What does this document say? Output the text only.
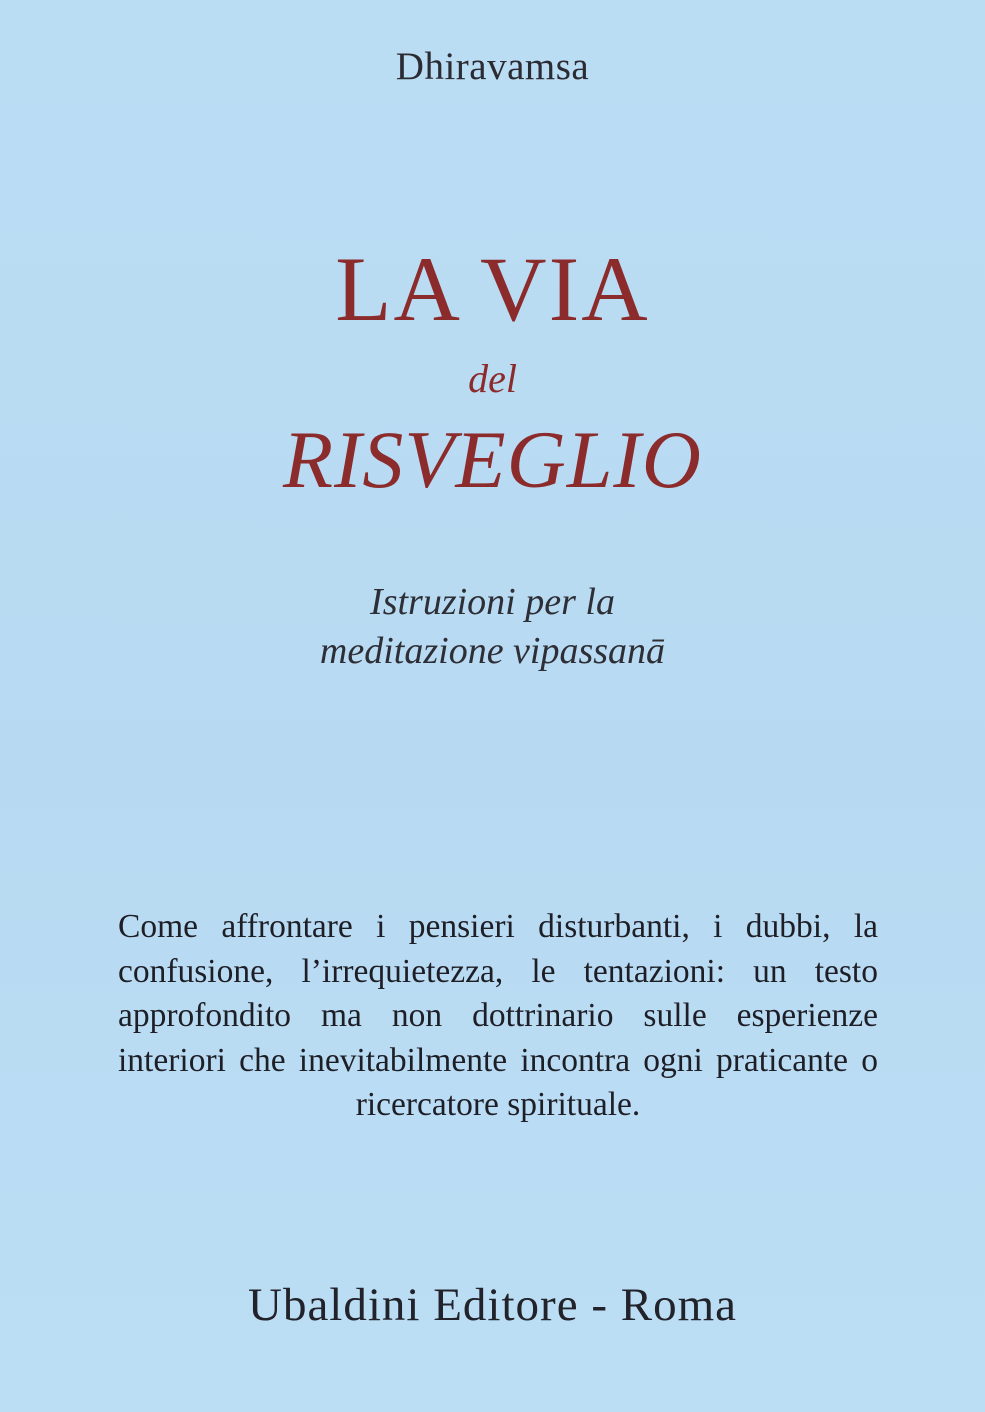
Dhiravamsa
LA VIA
del
RISVEGLIO
Istruzioni per la
meditazione vipassanā
Come affrontare i pensieri disturbanti, i dubbi, la confusione, l’irrequietezza, le tentazioni: un testo approfondito ma non dottrinario sulle esperienze interiori che inevitabilmente incontra ogni praticante o ricercatore spirituale.
Ubaldini Editore - Roma
